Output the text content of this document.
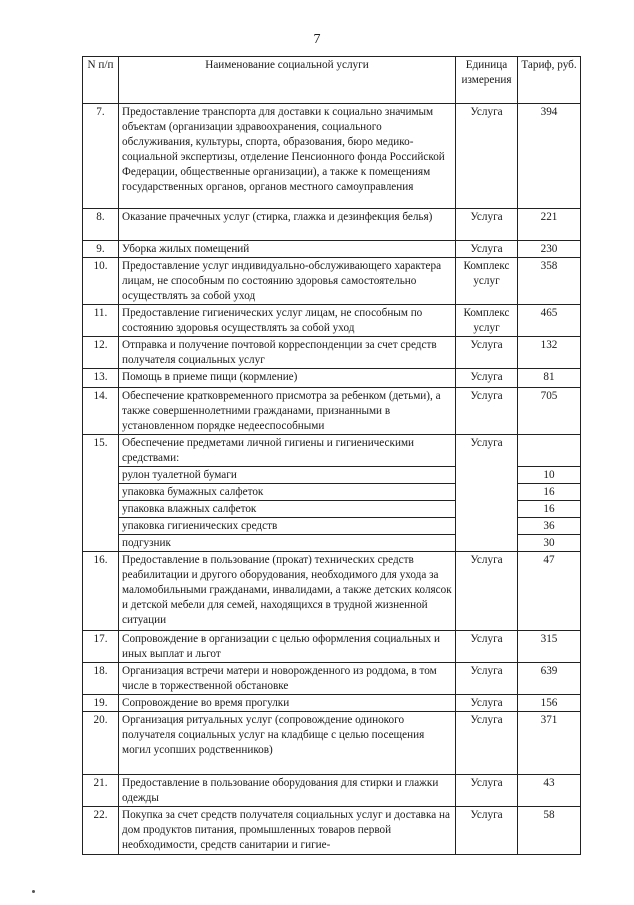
7
N п/п	Наименование социальной услуги	Единица измерения	Тариф, руб.
7.	Предоставление транспорта для доставки к социально значимым объектам (организации здравоохранения, социального обслуживания, культуры, спорта, образования, бюро медико-социальной экспертизы, отделение Пенсионного фонда Российской Федерации, общественные организации), а также к помещениям государственных органов, органов местного самоуправления	Услуга	394
8.	Оказание прачечных услуг (стирка, глажка и дезинфекция белья)	Услуга	221
9.	Уборка жилых помещений	Услуга	230
10.	Предоставление услуг индивидуально-обслуживающего характера лицам, не способным по состоянию здоровья самостоятельно осуществлять за собой уход	Комплекс услуг	358
11.	Предоставление гигиенических услуг лицам, не способным по состоянию здоровья осуществлять за собой уход	Комплекс услуг	465
12.	Отправка и получение почтовой корреспонденции за счет средств получателя социальных услуг	Услуга	132
13.	Помощь в приеме пищи (кормление)	Услуга	81
14.	Обеспечение кратковременного присмотра за ребенком (детьми), а также совершеннолетними гражданами, признанными в установленном порядке недееспособными	Услуга	705
15.	Обеспечение предметами личной гигиены и гигиеническими средствами:	Услуга	
	рулон туалетной бумаги		10
	упаковка бумажных салфеток		16
	упаковка влажных салфеток		16
	упаковка гигиенических средств		36
	подгузник		30
16.	Предоставление в пользование (прокат) технических средств реабилитации и другого оборудования, необходимого для ухода за маломобильными гражданами, инвалидами, а также детских колясок и детской мебели для семей, находящихся в трудной жизненной ситуации	Услуга	47
17.	Сопровождение в организации с целью оформления социальных и иных выплат и льгот	Услуга	315
18.	Организация встречи матери и новорожденного из роддома, в том числе в торжественной обстановке	Услуга	639
19.	Сопровождение во время прогулки	Услуга	156
20.	Организация ритуальных услуг (сопровождение одинокого получателя социальных услуг на кладбище с целью посещения могил усопших родственников)	Услуга	371
21.	Предоставление в пользование оборудования для стирки и глажки одежды	Услуга	43
22.	Покупка за счет средств получателя социальных услуг и доставка на дом продуктов питания, промышленных товаров первой необходимости, средств санитарии и гигие-	Услуга	58
